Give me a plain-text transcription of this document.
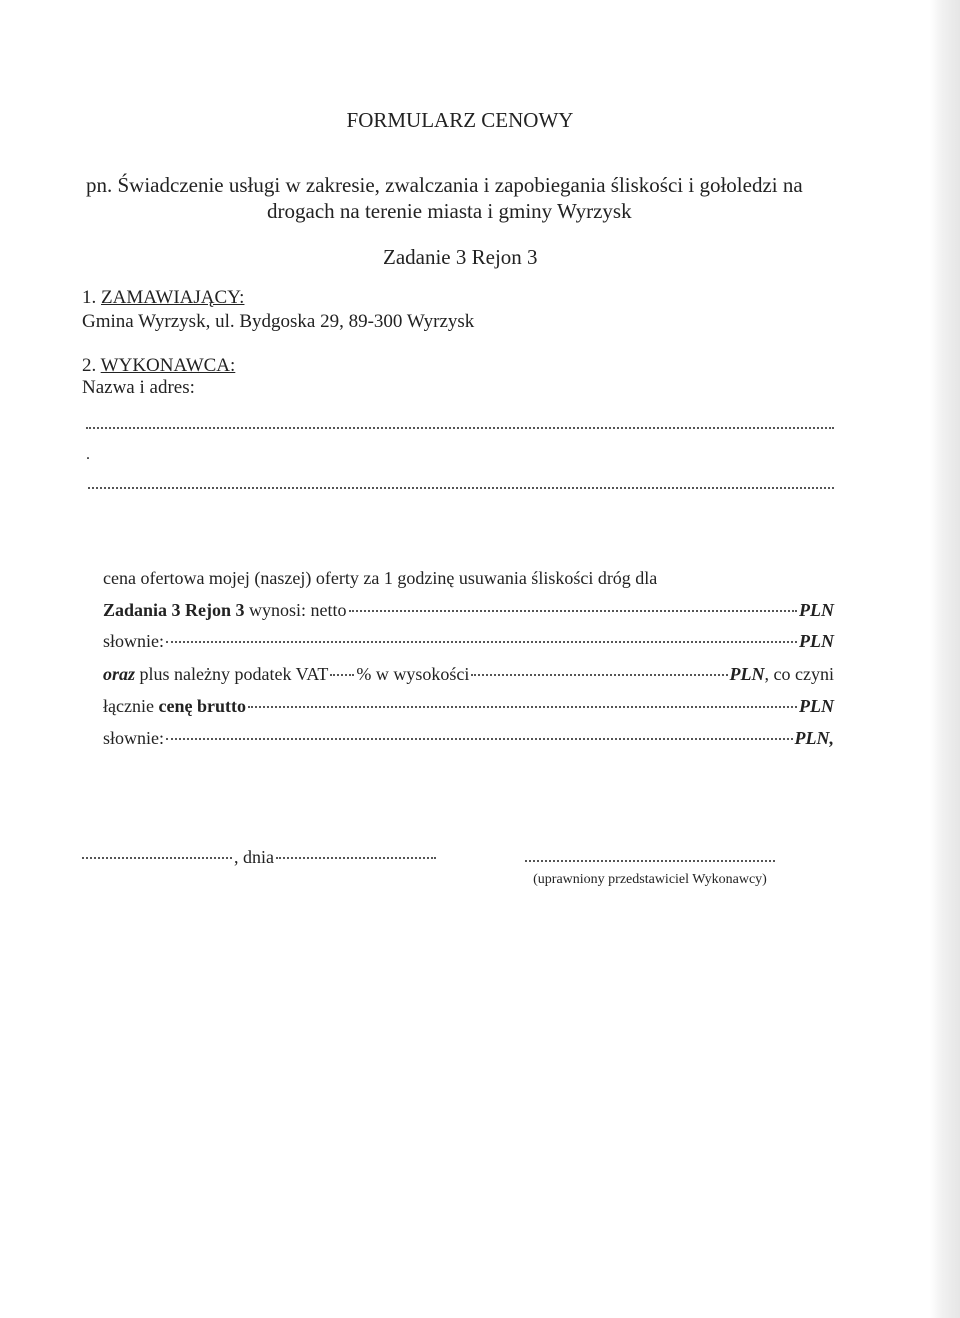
FORMULARZ CENOWY
pn. Świadczenie usługi w zakresie, zwalczania i zapobiegania śliskości i gołoledzi na
drogach na terenie miasta i gminy Wyrzysk
Zadanie 3 Rejon 3
1. ZAMAWIAJĄCY:
Gmina Wyrzysk, ul. Bydgoska 29, 89-300 Wyrzysk
2. WYKONAWCA:
Nazwa i adres:
.
cena ofertowa mojej (naszej) oferty za 1 godzinę usuwania śliskości dróg dla
Zadania 3 Rejon 3
wynosi: netto	PLN
słownie:	PLN
oraz
plus należny podatek VAT % w wysokości	PLN , co czyni
łącznie
cenę brutto	PLN
słownie:	PLN,
, dnia
(uprawniony przedstawiciel Wykonawcy)
